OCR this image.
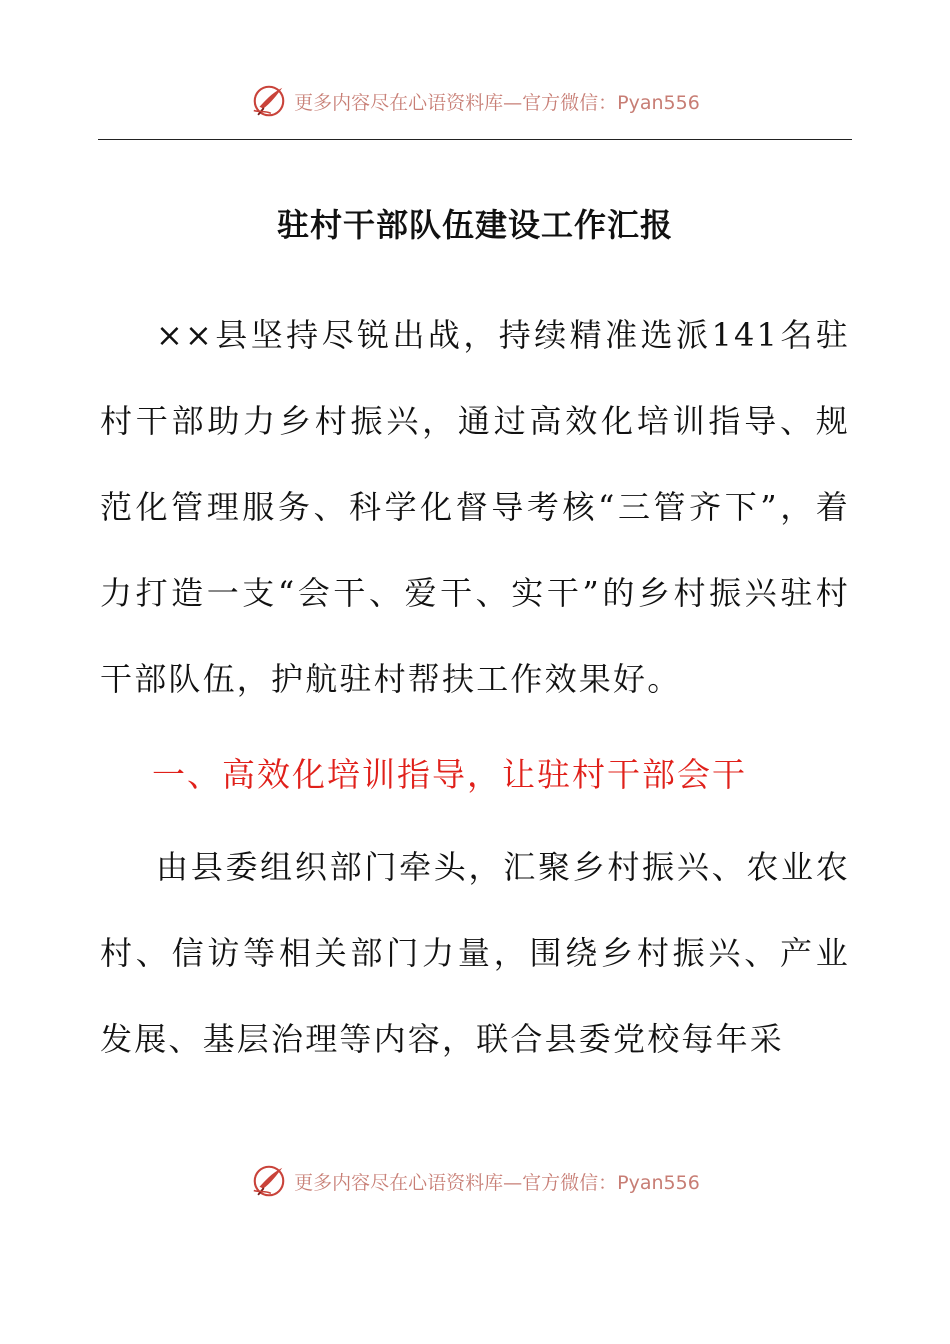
更多内容尽在心语资料库—官方微信：Pyan556
驻村干部队伍建设工作汇报
××县坚持尽锐出战，持续精准选派141名驻村干部助力乡村振兴，通过高效化培训指导、规范化管理服务、科学化督导考核“三管齐下”，着力打造一支“会干、爱干、实干”的乡村振兴驻村干部队伍，护航驻村帮扶工作效果好。
一、高效化培训指导，让驻村干部会干
由县委组织部门牵头，汇聚乡村振兴、农业农村、信访等相关部门力量，围绕乡村振兴、产业发展、基层治理等内容，联合县委党校每年采
更多内容尽在心语资料库—官方微信：Pyan556
